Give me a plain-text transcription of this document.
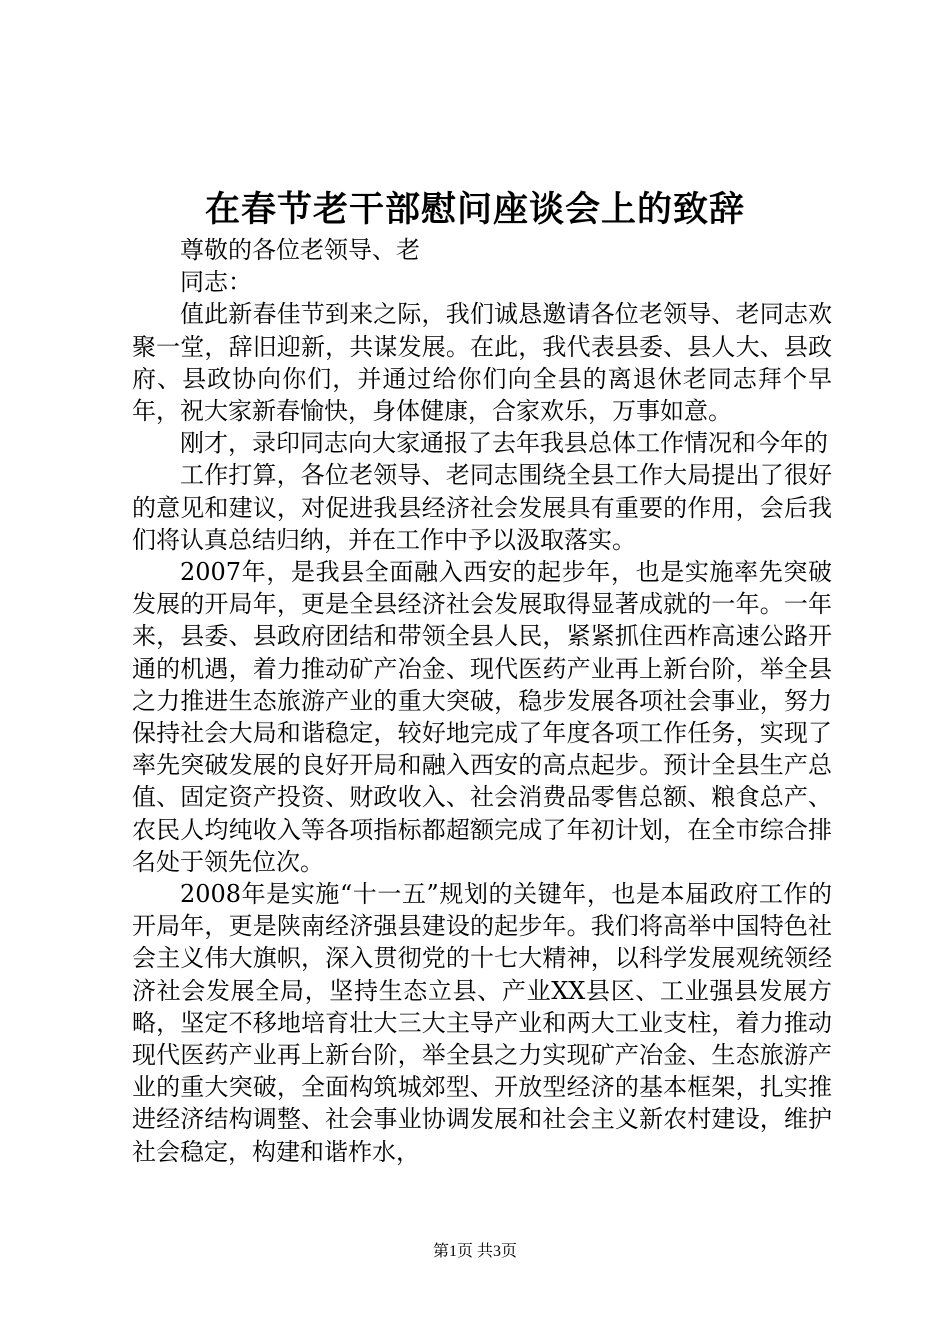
在春节老干部慰问座谈会上的致辞

尊敬的各位老领导、老

同志：

值此新春佳节到来之际，我们诚恳邀请各位老领导、老同志欢聚一堂，辞旧迎新，共谋发展。在此，我代表县委、县人大、县政府、县政协向你们，并通过给你们向全县的离退休老同志拜个早年，祝大家新春愉快，身体健康，合家欢乐，万事如意。

刚才，录印同志向大家通报了去年我县总体工作情况和今年的

工作打算，各位老领导、老同志围绕全县工作大局提出了很好的意见和建议，对促进我县经济社会发展具有重要的作用，会后我们将认真总结归纳，并在工作中予以汲取落实。

2007年，是我县全面融入西安的起步年，也是实施率先突破发展的开局年，更是全县经济社会发展取得显著成就的一年。一年来，县委、县政府团结和带领全县人民，紧紧抓住西柞高速公路开通的机遇，着力推动矿产冶金、现代医药产业再上新台阶，举全县之力推进生态旅游产业的重大突破，稳步发展各项社会事业，努力保持社会大局和谐稳定，较好地完成了年度各项工作任务，实现了率先突破发展的良好开局和融入西安的高点起步。预计全县生产总值、固定资产投资、财政收入、社会消费品零售总额、粮食总产、农民人均纯收入等各项指标都超额完成了年初计划，在全市综合排名处于领先位次。

2008年是实施“十一五”规划的关键年，也是本届政府工作的开局年，更是陕南经济强县建设的起步年。我们将高举中国特色社会主义伟大旗帜，深入贯彻党的十七大精神，以科学发展观统领经济社会发展全局，坚持生态立县、产业XX县区、工业强县发展方略，坚定不移地培育壮大三大主导产业和两大工业支柱，着力推动现代医药产业再上新台阶，举全县之力实现矿产冶金、生态旅游产业的重大突破，全面构筑城郊型、开放型经济的基本框架，扎实推进经济结构调整、社会事业协调发展和社会主义新农村建设，维护社会稳定，构建和谐柞水，

第1页 共3页
